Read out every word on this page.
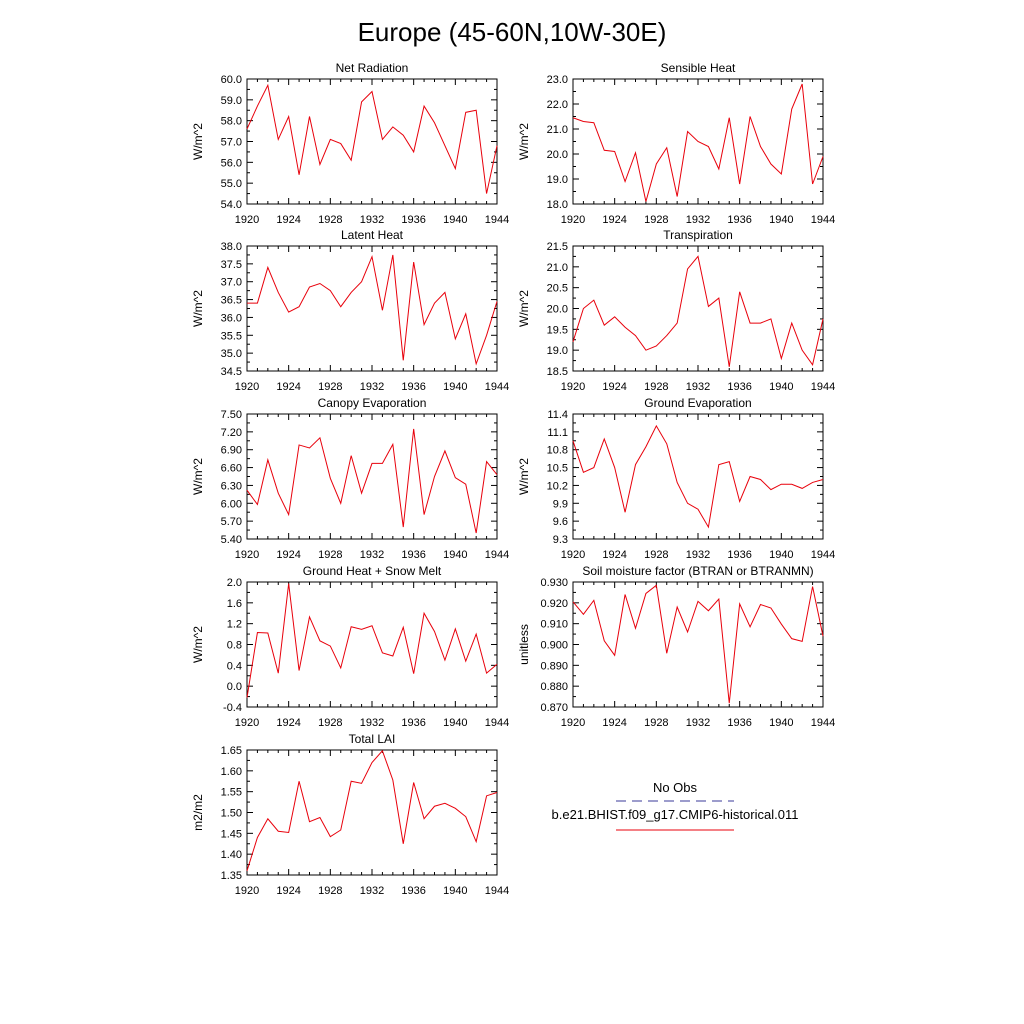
Europe (45-60N,10W-30E)
Net Radiation
W/m^2
1920 1924 1928 1932 1936 1940 1944
54.0
55.0
56.0
57.0
58.0
59.0
60.0
Sensible Heat
W/m^2
1920 1924 1928 1932 1936 1940 1944
18.0
19.0
20.0
21.0
22.0
23.0
Latent Heat
W/m^2
1920 1924 1928 1932 1936 1940 1944
34.5
35.0
35.5
36.0
36.5
37.0
37.5
38.0
Transpiration
W/m^2
1920 1924 1928 1932 1936 1940 1944
18.5
19.0
19.5
20.0
20.5
21.0
21.5
Canopy Evaporation
W/m^2
1920 1924 1928 1932 1936 1940 1944
5.40
5.70
6.00
6.30
6.60
6.90
7.20
7.50
Ground Evaporation
W/m^2
1920 1924 1928 1932 1936 1940 1944
9.3
9.6
9.9
10.2
10.5
10.8
11.1
11.4
Ground Heat + Snow Melt
W/m^2
1920 1924 1928 1932 1936 1940 1944
-0.4
0.0
0.4
0.8
1.2
1.6
2.0
Soil moisture factor (BTRAN or BTRANMN)
unitless
1920 1924 1928 1932 1936 1940 1944
0.870
0.880
0.890
0.900
0.910
0.920
0.930
Total LAI
m2/m2
1920 1924 1928 1932 1936 1940 1944
1.35
1.40
1.45
1.50
1.55
1.60
1.65
No Obs
b.e21.BHIST.f09_g17.CMIP6-historical.011
